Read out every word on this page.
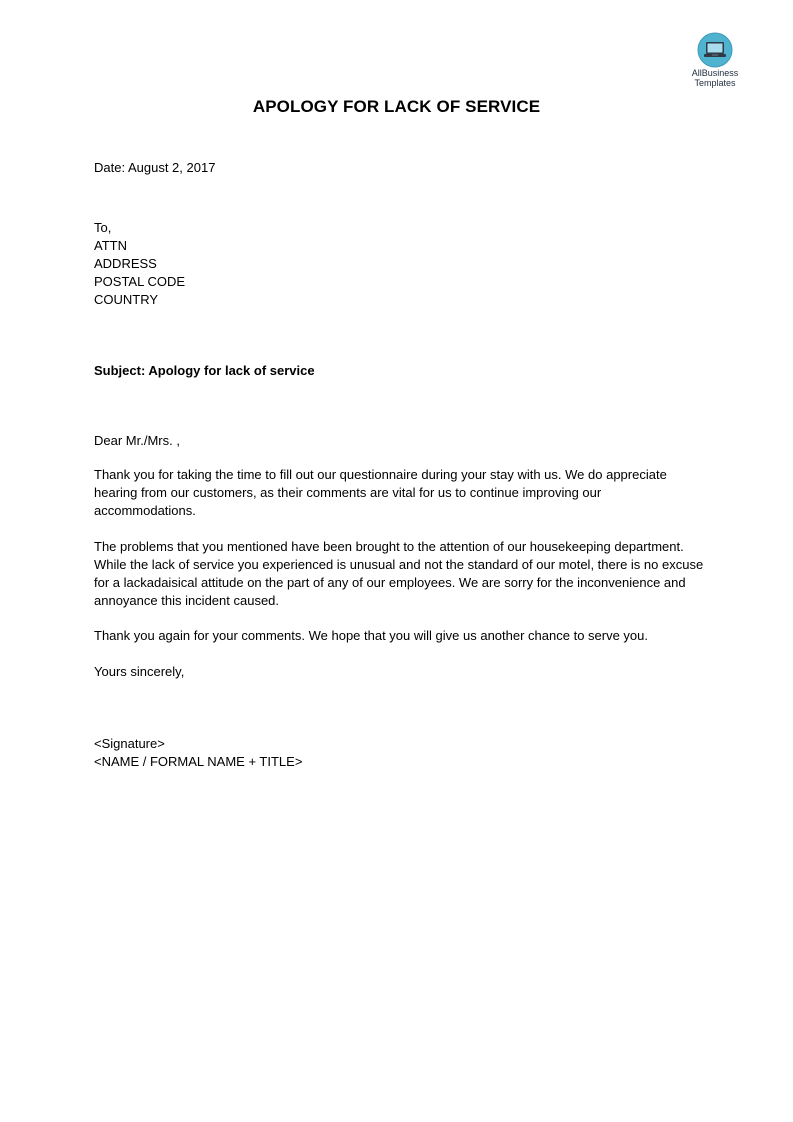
AllBusiness
Templates
APOLOGY FOR LACK OF SERVICE

Date: August 2, 2017

To,

ATTN

ADDRESS

POSTAL CODE

COUNTRY

Subject: Apology for lack of service

Dear Mr./Mrs. ,

Thank you for taking the time to fill out our questionnaire during your stay with us. We do appreciate hearing from our customers, as their comments are vital for us to continue improving our accommodations.

The problems that you mentioned have been brought to the attention of our housekeeping department. While the lack of service you experienced is unusual and not the standard of our motel, there is no excuse for a lackadaisical attitude on the part of any of our employees. We are sorry for the inconvenience and annoyance this incident caused.

Thank you again for your comments. We hope that you will give us another chance to serve you.

Yours sincerely,

<Signature>

<NAME / FORMAL NAME + TITLE>
